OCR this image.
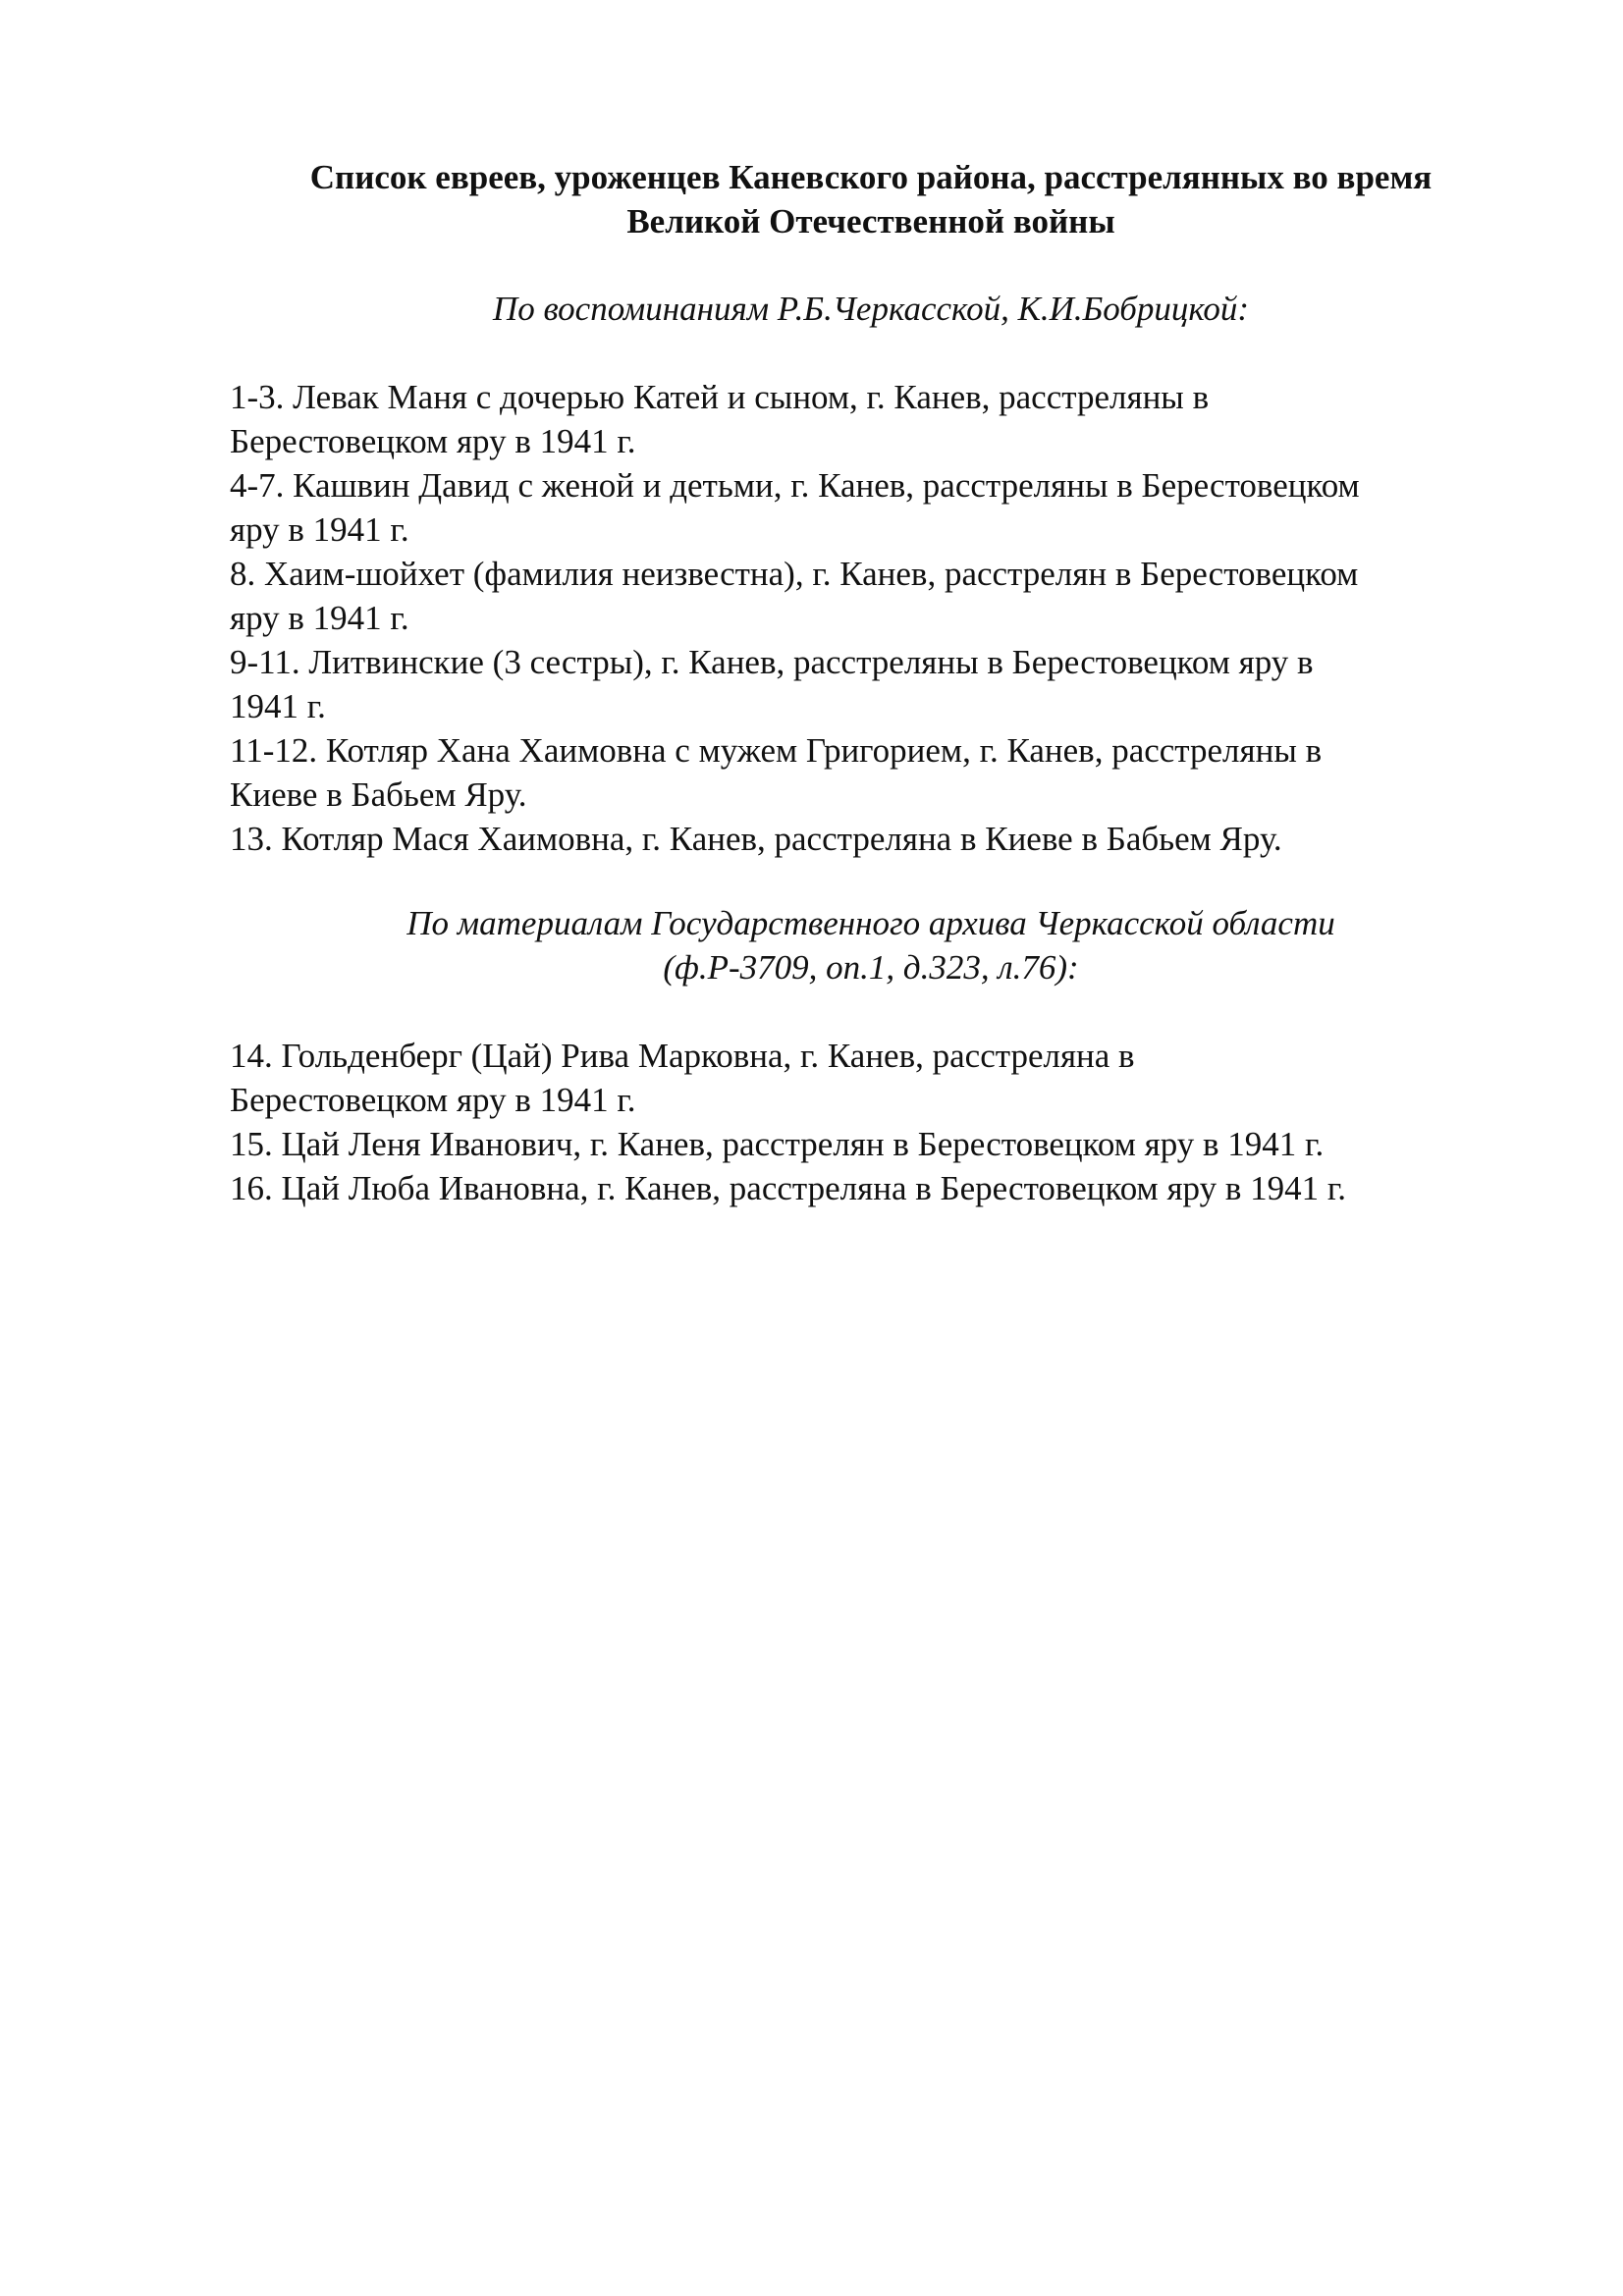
Список евреев, уроженцев Каневского района, расстрелянных во время
Великой Отечественной войны
По воспоминаниям Р.Б.Черкасской, К.И.Бобрицкой:
1-3. Левак Маня с дочерью Катей и сыном, г. Канев, расстреляны в
Берестовецком яру в 1941 г.
4-7. Кашвин Давид с женой и детьми, г. Канев, расстреляны в Берестовецком
яру в 1941 г.
8. Хаим-шойхет (фамилия неизвестна), г. Канев, расстрелян в Берестовецком
яру в 1941 г.
9-11. Литвинские (3 сестры), г. Канев, расстреляны в Берестовецком яру в
1941 г.
11-12. Котляр Хана Хаимовна с мужем Григорием, г. Канев, расстреляны в
Киеве в Бабьем Яру.
13. Котляр Мася Хаимовна, г. Канев, расстреляна в Киеве в Бабьем Яру.
По материалам Государственного архива Черкасской области
(ф.Р-3709, оп.1, д.323, л.76):
14. Гольденберг (Цай) Рива Марковна, г. Канев, расстреляна в
Берестовецком яру в 1941 г.
15. Цай Леня Иванович, г. Канев, расстрелян в Берестовецком яру в 1941 г.
16. Цай Люба Ивановна, г. Канев, расстреляна в Берестовецком яру в 1941 г.
